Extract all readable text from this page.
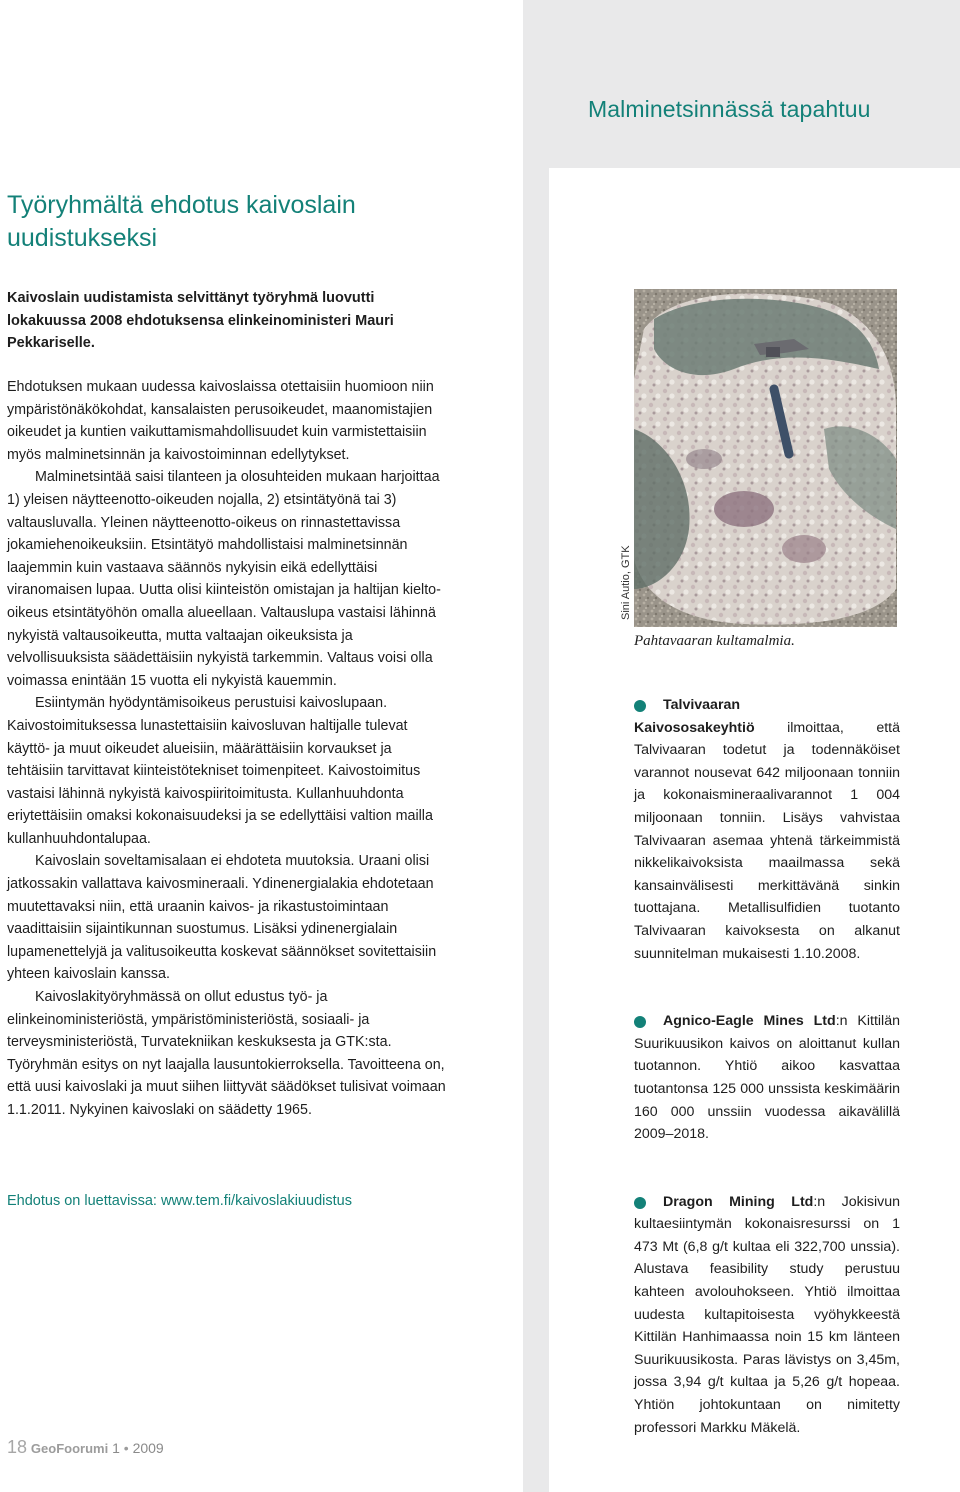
Malminetsinnässä tapahtuu
Työryhmältä ehdotus kaivoslain
uudistukseksi

Kaivoslain uudistamista selvittänyt työryhmä luovutti lokakuussa 2008 ehdotuksensa elinkeinoministeri Mauri Pekkariselle.

Ehdotuksen mukaan uudessa kaivoslaissa otettaisiin huomioon niin ympäristönäkökohdat, kansalaisten perusoikeudet, maanomistajien oikeudet ja kuntien vaikuttamismahdollisuudet kuin varmistettaisiin myös malminetsinnän ja kaivostoiminnan edellytykset.

Malminetsintää saisi tilanteen ja olosuhteiden mukaan harjoittaa 1) yleisen näytteenotto-oikeuden nojalla, 2) etsintätyönä tai 3) valtausluvalla. Yleinen näytteenotto-oikeus on rinnastettavissa jokamiehenoikeuksiin. Etsintätyö mahdollistaisi malminetsinnän laajemmin kuin vastaava säännös nykyisin eikä edellyttäisi viranomaisen lupaa. Uutta olisi kiinteistön omistajan ja haltijan kielto-oikeus etsintätyöhön omalla alueellaan. Valtauslupa vastaisi lähinnä nykyistä valtausoikeutta, mutta valtaajan oikeuksista ja velvollisuuksista säädettäisiin nykyistä tarkemmin. Valtaus voisi olla voimassa enintään 15 vuotta eli nykyistä kauemmin.

Esiintymän hyödyntämisoikeus perustuisi kaivoslupaan.

Kaivostoimituksessa lunastettaisiin kaivosluvan haltijalle tulevat käyttö- ja muut oikeudet alueisiin, määrättäisiin korvaukset ja tehtäisiin tarvittavat kiinteistötekniset toimenpiteet. Kaivostoimitus vastaisi lähinnä nykyistä kaivospiiritoimitusta. Kullanhuuhdonta eriytettäisiin omaksi kokonaisuudeksi ja se edellyttäisi valtion mailla kullanhuuhdontalupaa.

Kaivoslain soveltamisalaan ei ehdoteta muutoksia. Uraani olisi jatkossakin vallattava kaivosmineraali. Ydinenergialakia ehdotetaan muutettavaksi niin, että uraanin kaivos- ja rikastustoimintaan vaadittaisiin sijaintikunnan suostumus. Lisäksi ydinenergialain lupamenettelyjä ja valitusoikeutta koskevat säännökset sovitettaisiin yhteen kaivoslain kanssa.

Kaivoslakityöryhmässä on ollut edustus työ- ja elinkeinoministeriöstä, ympäristöministeriöstä, sosiaali- ja terveysministeriöstä, Turvatekniikan keskuksesta ja GTK:sta.

Työryhmän esitys on nyt laajalla lausuntokierroksella. Tavoitteena on, että uusi kaivoslaki ja muut siihen liittyvät säädökset tulisivat voimaan 1.1.2011. Nykyinen kaivoslaki on säädetty 1965.

Ehdotus on luettavissa: www.tem.fi/kaivoslakiuudistus

18 GeoFoorumi 1 • 2009
Sini Autio, GTK

Pahtavaaran kultamalmia.

Talvivaaran Kaivososakeyhtiö ilmoittaa, että Talvivaaran todetut ja todennäköiset varannot nousevat 642 miljoonaan tonniin ja kokonaismineraalivarannot 1 004 miljoonaan tonniin. Lisäys vahvistaa Talvivaaran asemaa yhtenä tärkeimmistä nikkelikaivoksista maailmassa sekä kansainvälisesti merkittävänä sinkin tuottajana. Metallisulfidien tuotanto Talvivaaran kaivoksesta on alkanut suunnitelman mukaisesti 1.10.2008.

Agnico-Eagle Mines Ltd:n Kittilän Suurikuusikon kaivos on aloittanut kullan tuotannon. Yhtiö aikoo kasvattaa tuotantonsa 125 000 unssista keskimäärin 160 000 unssiin vuodessa aikavälillä 2009–2018.

Dragon Mining Ltd:n Jokisivun kultaesiintymän kokonaisresurssi on 1 473 Mt (6,8 g/t kultaa eli 322,700 unssia). Alustava feasibility study perustuu kahteen avolouhokseen. Yhtiö ilmoittaa uudesta kultapitoisesta vyöhykkeestä Kittilän Hanhimaassa noin 15 km länteen Suurikuusikosta. Paras lävistys on 3,45m, jossa 3,94 g/t kultaa ja 5,26 g/t hopeaa. Yhtiön johtokuntaan on nimitetty professori Markku Mäkelä.
